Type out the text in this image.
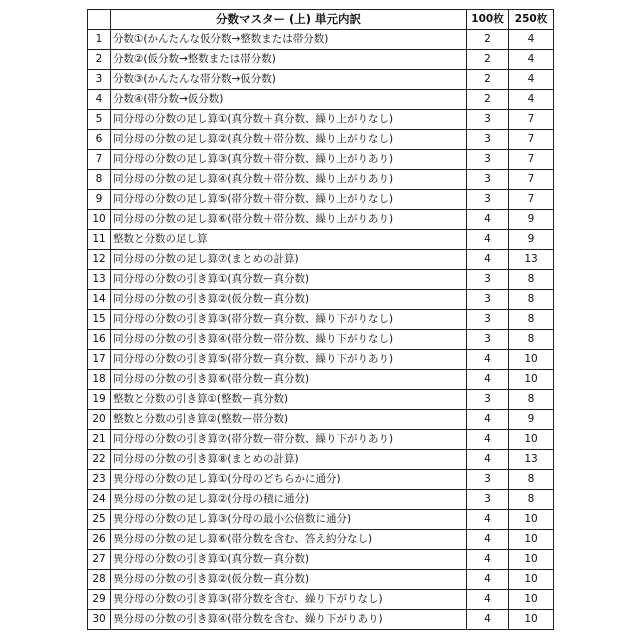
	分数マスター (上) 単元内訳	100枚	250枚
1	分数①(かんたんな仮分数→整数または帯分数)	2	4
2	分数②(仮分数→整数または帯分数)	2	4
3	分数③(かんたんな帯分数→仮分数)	2	4
4	分数④(帯分数→仮分数)	2	4
5	同分母の分数の足し算①(真分数＋真分数、繰り上がりなし)	3	7
6	同分母の分数の足し算②(真分数＋帯分数、繰り上がりなし)	3	7
7	同分母の分数の足し算③(真分数＋帯分数、繰り上がりあり)	3	7
8	同分母の分数の足し算④(真分数＋帯分数、繰り上がりあり)	3	7
9	同分母の分数の足し算⑤(帯分数＋帯分数、繰り上がりなし)	3	7
10	同分母の分数の足し算⑥(帯分数＋帯分数、繰り上がりあり)	4	9
11	整数と分数の足し算	4	9
12	同分母の分数の足し算⑦(まとめの計算)	4	13
13	同分母の分数の引き算①(真分数ー真分数)	3	8
14	同分母の分数の引き算②(仮分数ー真分数)	3	8
15	同分母の分数の引き算③(帯分数ー真分数、繰り下がりなし)	3	8
16	同分母の分数の引き算④(帯分数ー帯分数、繰り下がりなし)	3	8
17	同分母の分数の引き算⑤(帯分数ー真分数、繰り下がりあり)	4	10
18	同分母の分数の引き算⑥(帯分数ー真分数)	4	10
19	整数と分数の引き算①(整数ー真分数)	3	8
20	整数と分数の引き算②(整数ー帯分数)	4	9
21	同分母の分数の引き算⑦(帯分数ー帯分数、繰り下がりあり)	4	10
22	同分母の分数の引き算⑧(まとめの計算)	4	13
23	異分母の分数の足し算①(分母のどちらかに通分)	3	8
24	異分母の分数の足し算②(分母の積に通分)	3	8
25	異分母の分数の足し算③(分母の最小公倍数に通分)	4	10
26	異分母の分数の足し算⑥(帯分数を含む、答え約分なし)	4	10
27	異分母の分数の引き算①(真分数ー真分数)	4	10
28	異分母の分数の引き算②(仮分数ー真分数)	4	10
29	異分母の分数の引き算③(帯分数を含む、繰り下がりなし)	4	10
30	異分母の分数の引き算④(帯分数を含む、繰り下がりあり)	4	10
